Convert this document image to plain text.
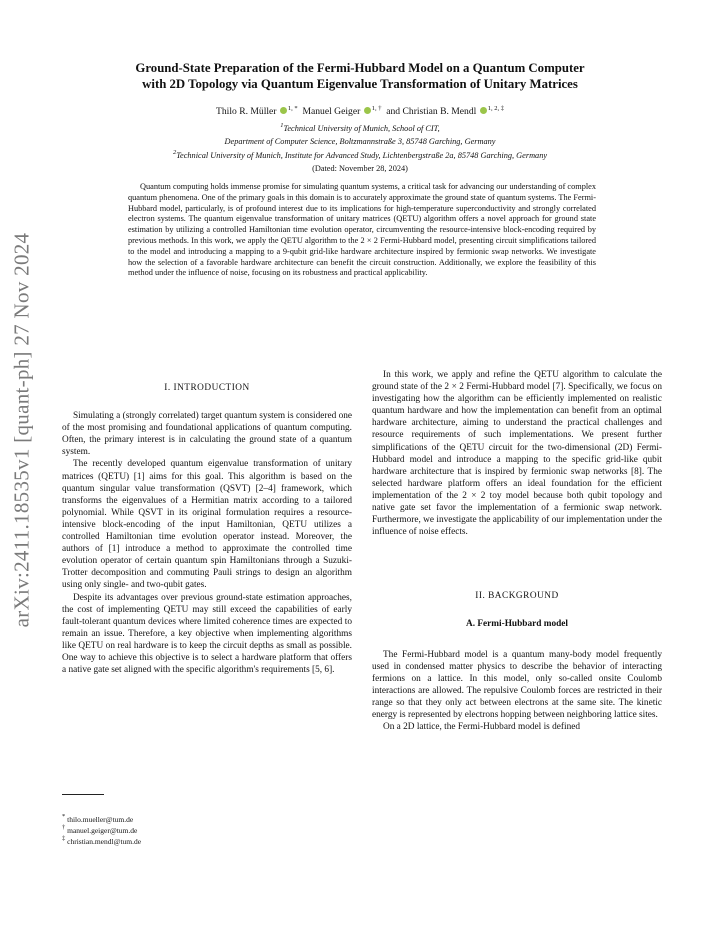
arXiv:2411.18535v1 [quant-ph] 27 Nov 2024
Ground-State Preparation of the Fermi-Hubbard Model on a Quantum Computer
with 2D Topology via Quantum Eigenvalue Transformation of Unitary Matrices
Thilo R. Müller $^{1, *}$ Manuel Geiger $^{1, \dagger}$ and Christian B. Mendl $^{1, 2, \ddagger}$
$^1$Technical University of Munich, School of CIT,
Department of Computer Science, Boltzmannstraße 3, 85748 Garching, Germany
$^2$Technical University of Munich, Institute for Advanced Study, Lichtenbergstraße 2a, 85748 Garching, Germany
(Dated: November 28, 2024)

Quantum computing holds immense promise for simulating quantum systems, a critical task for advancing our understanding of complex quantum phenomena. One of the primary goals in this domain is to accurately approximate the ground state of quantum systems. The Fermi-Hubbard model, particularly, is of profound interest due to its implications for high-temperature superconductivity and strongly correlated electron systems. The quantum eigenvalue transformation of unitary matrices (QETU) algorithm offers a novel approach for ground state estimation by utilizing a controlled Hamiltonian time evolution operator, circumventing the resource-intensive block-encoding required by previous methods. In this work, we apply the QETU algorithm to the 2 × 2 Fermi-Hubbard model, presenting circuit simplifications tailored to the model and introducing a mapping to a 9-qubit grid-like hardware architecture inspired by fermionic swap networks. We investigate how the selection of a favorable hardware architecture can benefit the circuit construction. Additionally, we explore the feasibility of this method under the influence of noise, focusing on its robustness and practical applicability.

I. INTRODUCTION

Simulating a (strongly correlated) target quantum system is considered one of the most promising and foundational applications of quantum computing. Often, the primary interest is in calculating the ground state of a quantum system.

The recently developed quantum eigenvalue transformation of unitary matrices (QETU) [1] aims for this goal. This algorithm is based on the quantum singular value transformation (QSVT) [2–4] framework, which transforms the eigenvalues of a Hermitian matrix according to a tailored polynomial. While QSVT in its original formulation requires a resource-intensive block-encoding of the input Hamiltonian, QETU utilizes a controlled Hamiltonian time evolution operator instead. Moreover, the authors of [1] introduce a method to approximate the controlled time evolution operator of certain quantum spin Hamiltonians through a Suzuki-Trotter decomposition and commuting Pauli strings to design an algorithm using only single- and two-qubit gates.

Despite its advantages over previous ground-state estimation approaches, the cost of implementing QETU may still exceed the capabilities of early fault-tolerant quantum devices where limited coherence times are expected to remain an issue. Therefore, a key objective when implementing algorithms like QETU on real hardware is to keep the circuit depths as small as possible. One way to achieve this objective is to select a hardware platform that offers a native gate set aligned with the specific algorithm's requirements [5, 6].

In this work, we apply and refine the QETU algorithm to calculate the ground state of the 2 × 2 Fermi-Hubbard model [7]. Specifically, we focus on investigating how the algorithm can be efficiently implemented on realistic quantum hardware and how the implementation can benefit from an optimal hardware architecture, aiming to understand the practical challenges and resource requirements of such implementations. We present further simplifications of the QETU circuit for the two-dimensional (2D) Fermi-Hubbard model and introduce a mapping to the specific grid-like qubit hardware architecture that is inspired by fermionic swap networks [8]. The selected hardware platform offers an ideal foundation for the efficient implementation of the 2 × 2 toy model because both qubit topology and native gate set favor the implementation of a fermionic swap network. Furthermore, we investigate the applicability of our implementation under the influence of noise effects.

II. BACKGROUND
A. Fermi-Hubbard model

The Fermi-Hubbard model is a quantum many-body model frequently used in condensed matter physics to describe the behavior of interacting fermions on a lattice. In this model, only so-called onsite Coulomb interactions are allowed. The repulsive Coulomb forces are restricted in their range so that they only act between electrons at the same site. The kinetic energy is represented by electrons hopping between neighboring lattice sites.

On a 2D lattice, the Fermi-Hubbard model is defined

* thilo.mueller@tum.de
† manuel.geiger@tum.de
‡ christian.mendl@tum.de
